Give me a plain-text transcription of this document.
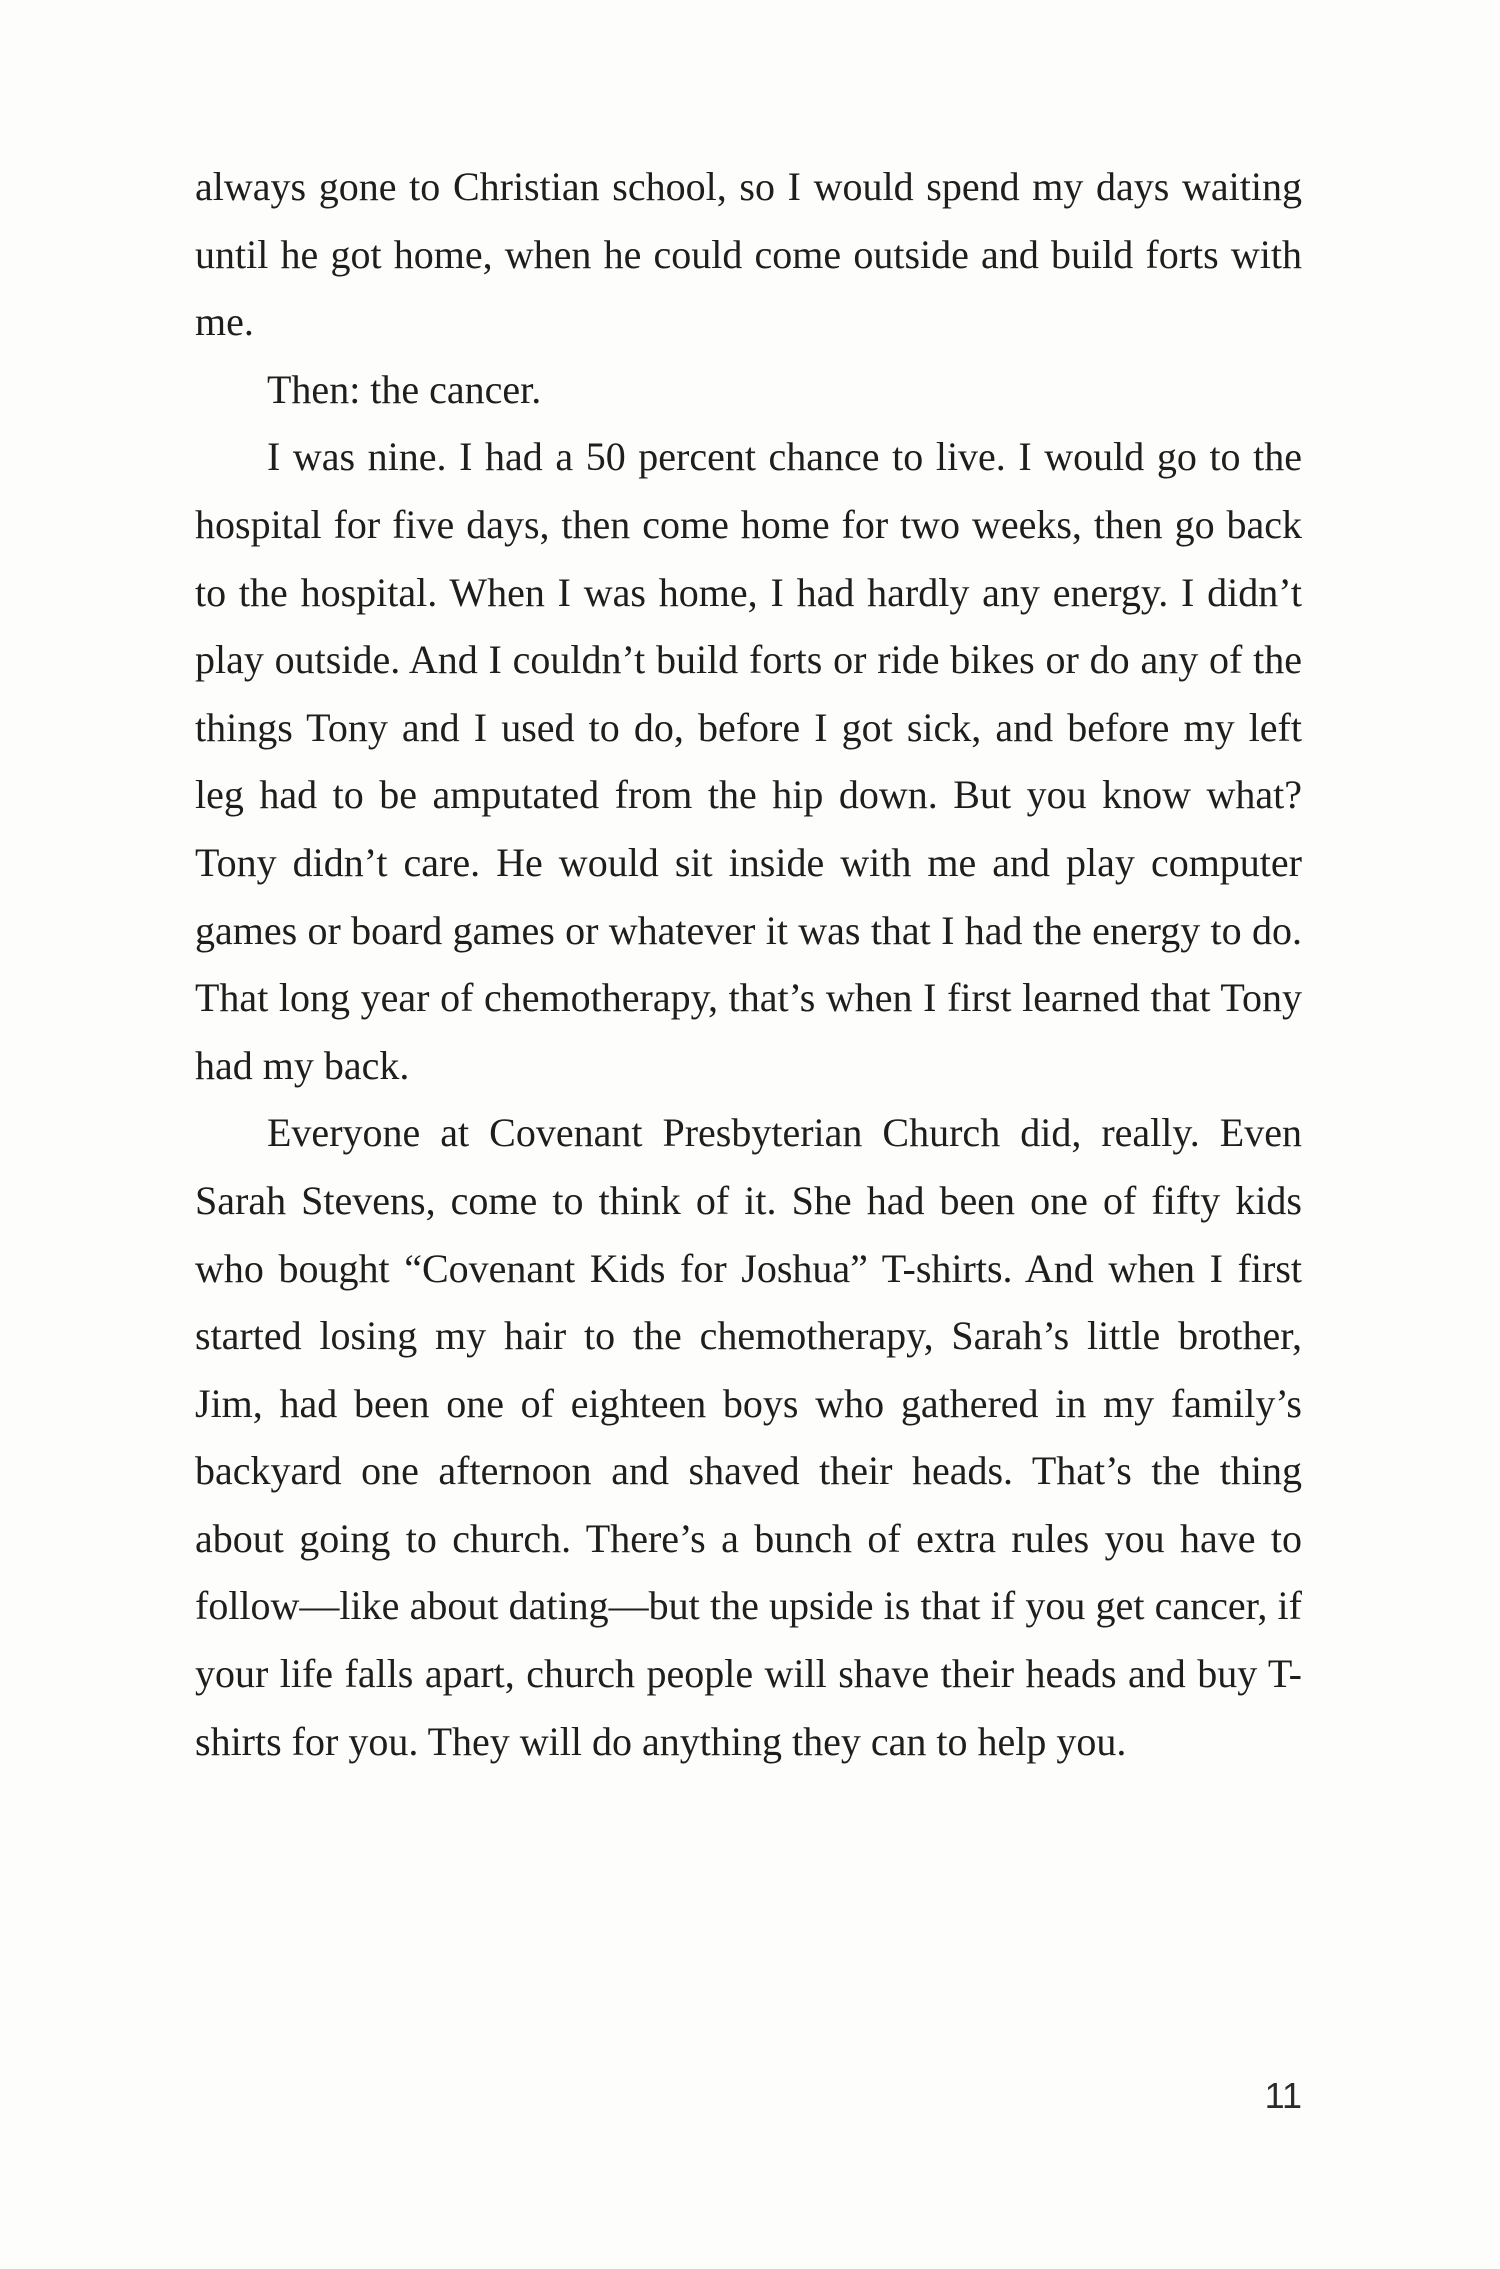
always gone to Christian school, so I would spend my days waiting until he got home, when he could come outside and build forts with me.

Then: the cancer.

I was nine. I had a 50 percent chance to live. I would go to the hospital for five days, then come home for two weeks, then go back to the hospital. When I was home, I had hardly any energy. I didn’t play outside. And I couldn’t build forts or ride bikes or do any of the things Tony and I used to do, before I got sick, and before my left leg had to be amputated from the hip down. But you know what? Tony didn’t care. He would sit inside with me and play computer games or board games or whatever it was that I had the energy to do. That long year of chemotherapy, that’s when I first learned that Tony had my back.

Everyone at Covenant Presbyterian Church did, really. Even Sarah Stevens, come to think of it. She had been one of fifty kids who bought “Covenant Kids for Joshua” T-shirts. And when I first started losing my hair to the chemotherapy, Sarah’s little brother, Jim, had been one of eighteen boys who gathered in my family’s backyard one afternoon and shaved their heads. That’s the thing about going to church. There’s a bunch of extra rules you have to follow—like about dating—but the upside is that if you get cancer, if your life falls apart, church people will shave their heads and buy T-shirts for you. They will do anything they can to help you.

11
